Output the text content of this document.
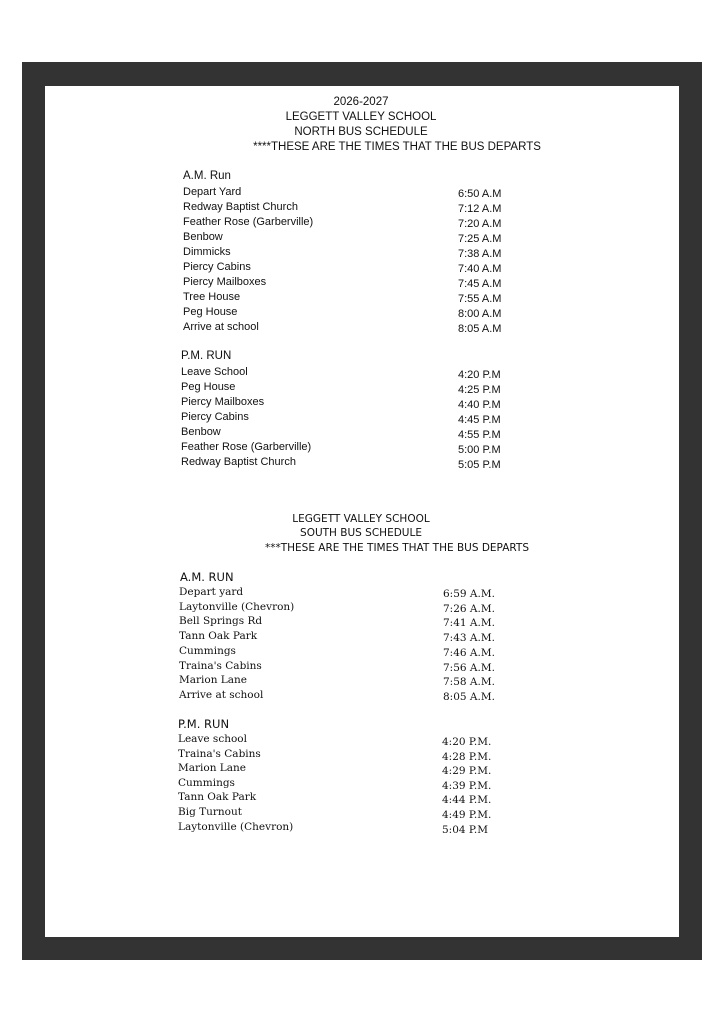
2026-2027
LEGGETT VALLEY SCHOOL
NORTH BUS SCHEDULE
****THESE ARE THE TIMES THAT THE BUS DEPARTS
A.M. Run
Depart Yard	6:50 A.M
Redway Baptist Church	7:12 A.M
Feather Rose (Garberville)	7:20 A.M
Benbow	7:25 A.M
Dimmicks	7:38 A.M
Piercy Cabins	7:40 A.M
Piercy Mailboxes	7:45 A.M
Tree House	7:55 A.M
Peg House	8:00 A.M
Arrive at school	8:05 A.M
P.M. RUN
Leave School	4:20 P.M
Peg House	4:25 P.M
Piercy Mailboxes	4:40 P.M
Piercy Cabins	4:45 P.M
Benbow	4:55 P.M
Feather Rose (Garberville)	5:00 P.M
Redway Baptist Church	5:05 P.M
LEGGETT VALLEY SCHOOL
SOUTH BUS SCHEDULE
***THESE ARE THE TIMES THAT THE BUS DEPARTS
A.M. RUN
Depart yard	6:59 A.M.
Laytonville (Chevron)	7:26 A.M.
Bell Springs Rd	7:41 A.M.
Tann Oak Park	7:43 A.M.
Cummings	7:46 A.M.
Traina's Cabins	7:56 A.M.
Marion Lane	7:58 A.M.
Arrive at school	8:05 A.M.
P.M. RUN
Leave school	4:20 P.M.
Traina's Cabins	4:28 P.M.
Marion Lane	4:29 P.M.
Cummings	4:39 P.M.
Tann Oak Park	4:44 P.M.
Big Turnout	4:49 P.M.
Laytonville (Chevron)	5:04 P.M
